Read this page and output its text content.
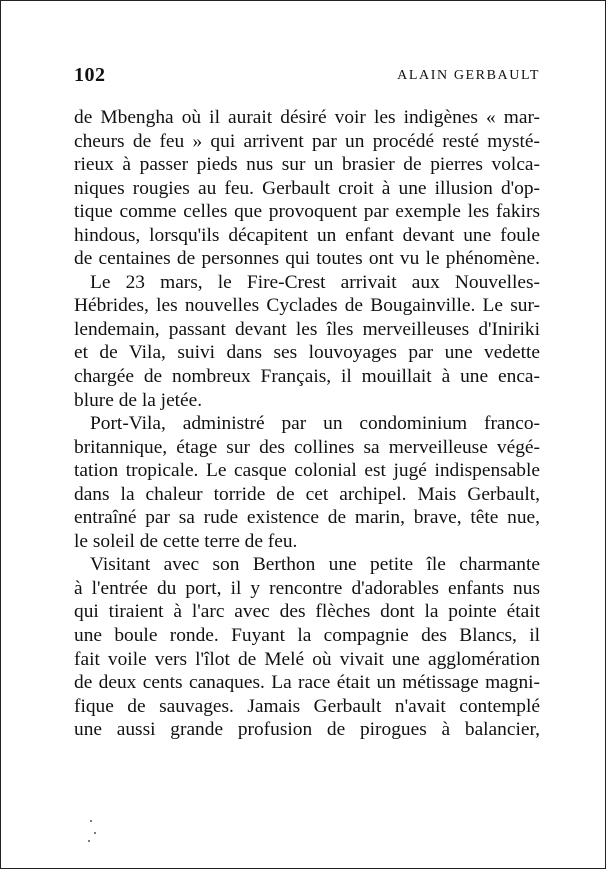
102	ALAIN GERBAULT

de Mbengha où il aurait désiré voir les indigènes « mar-
cheurs de feu » qui arrivent par un procédé resté mysté-
rieux à passer pieds nus sur un brasier de pierres volca-
niques rougies au feu. Gerbault croit à une illusion d'op-
tique comme celles que provoquent par exemple les fakirs
hindous, lorsqu'ils décapitent un enfant devant une foule
de centaines de personnes qui toutes ont vu le phénomène.

Le 23 mars, le Fire-Crest arrivait aux Nouvelles-
Hébrides, les nouvelles Cyclades de Bougainville. Le sur-
lendemain, passant devant les îles merveilleuses d'Iniriki
et de Vila, suivi dans ses louvoyages par une vedette
chargée de nombreux Français, il mouillait à une enca-
blure de la jetée.

Port-Vila, administré par un condominium franco-
britannique, étage sur des collines sa merveilleuse végé-
tation tropicale. Le casque colonial est jugé indispensable
dans la chaleur torride de cet archipel. Mais Gerbault,
entraîné par sa rude existence de marin, brave, tête nue,
le soleil de cette terre de feu.

Visitant avec son Berthon une petite île charmante
à l'entrée du port, il y rencontre d'adorables enfants nus
qui tiraient à l'arc avec des flèches dont la pointe était
une boule ronde. Fuyant la compagnie des Blancs, il
fait voile vers l'îlot de Melé où vivait une agglomération
de deux cents canaques. La race était un métissage magni-
fique de sauvages. Jamais Gerbault n'avait contemplé
une aussi grande profusion de pirogues à balancier,
